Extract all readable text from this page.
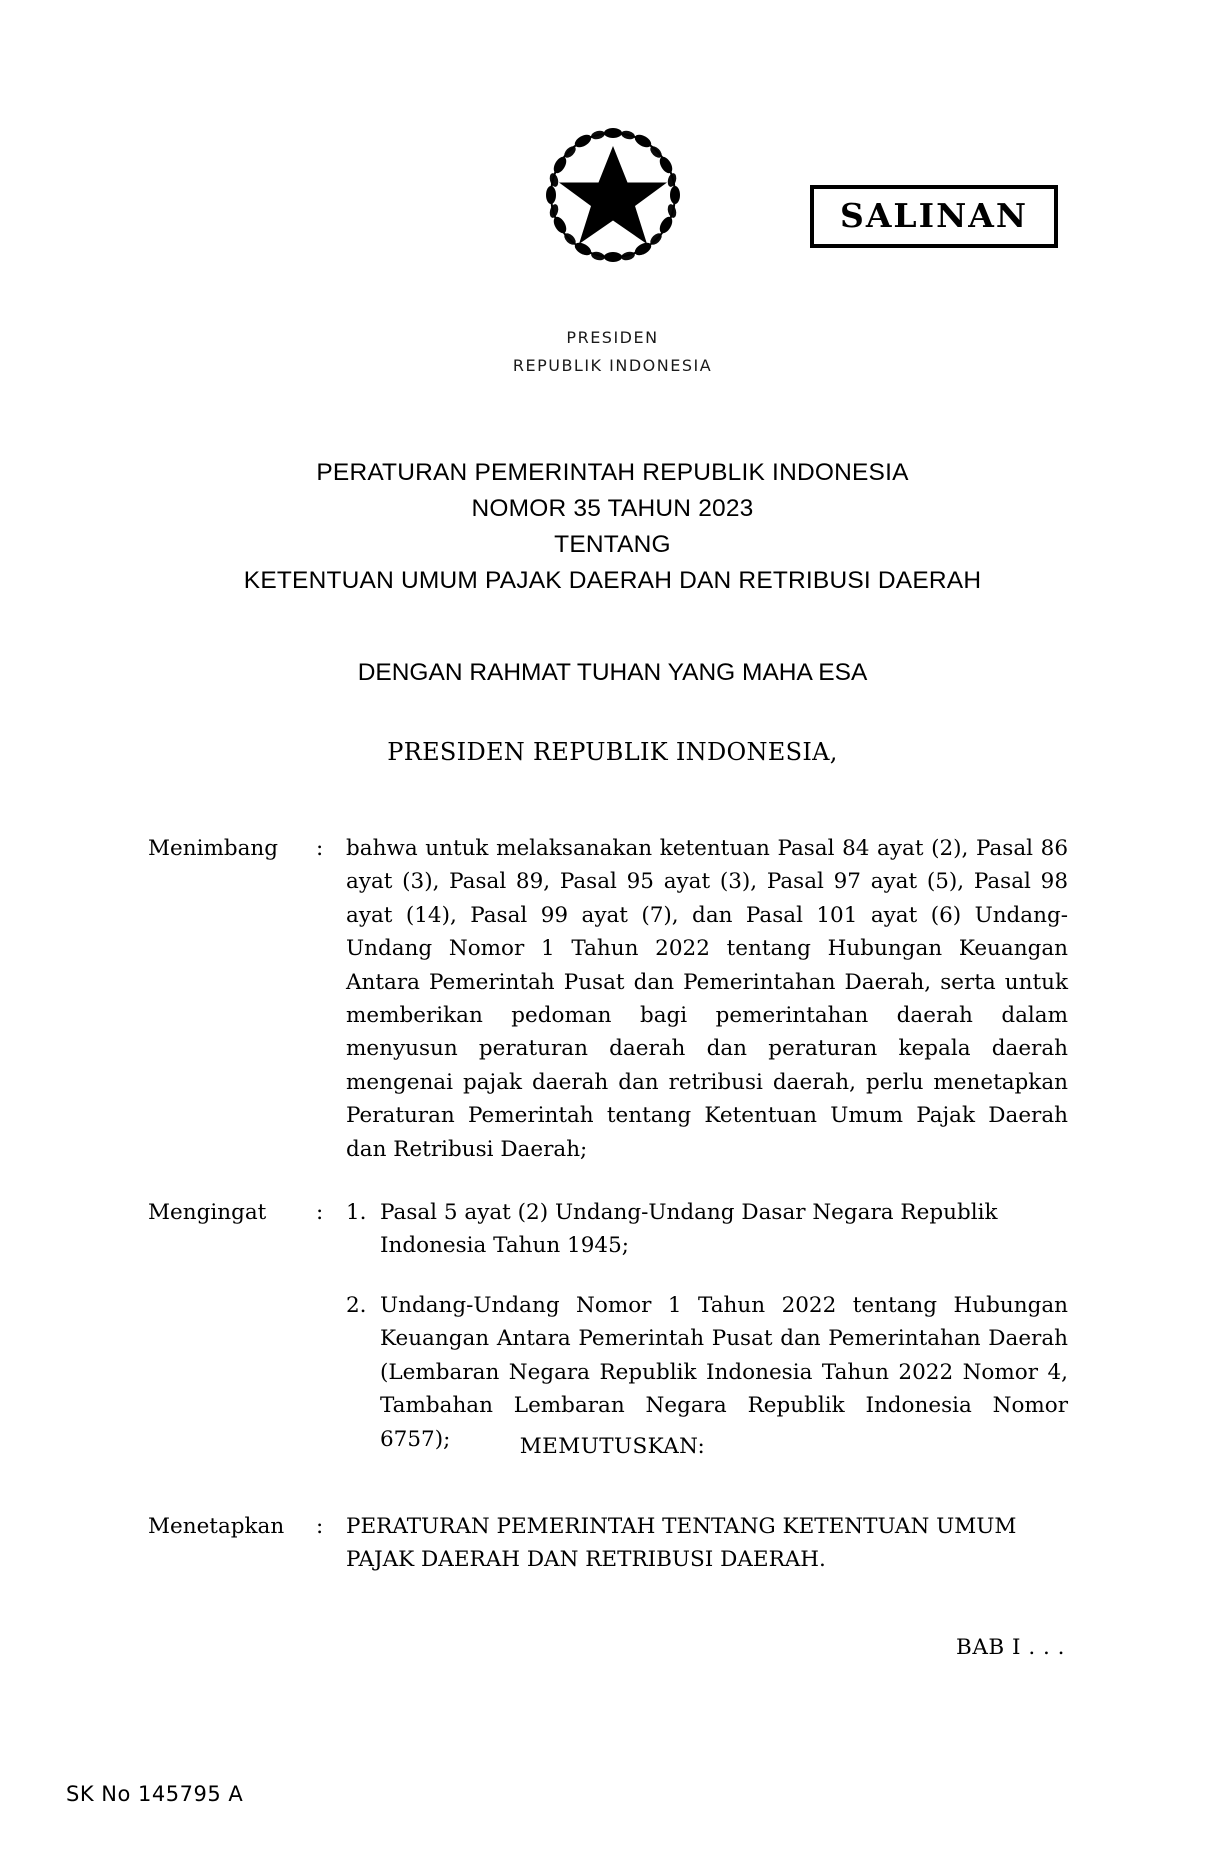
SALINAN
PRESIDEN
REPUBLIK INDONESIA
PERATURAN PEMERINTAH REPUBLIK INDONESIA
NOMOR 35 TAHUN 2023
TENTANG
KETENTUAN UMUM PAJAK DAERAH DAN RETRIBUSI DAERAH
DENGAN RAHMAT TUHAN YANG MAHA ESA
PRESIDEN REPUBLIK INDONESIA,
Menimbang	:	bahwa untuk melaksanakan ketentuan Pasal 84 ayat (2), Pasal 86 ayat (3), Pasal 89, Pasal 95 ayat (3), Pasal 97 ayat (5), Pasal 98 ayat (14), Pasal 99 ayat (7), dan Pasal 101 ayat (6) Undang-Undang Nomor 1 Tahun 2022 tentang Hubungan Keuangan Antara Pemerintah Pusat dan Pemerintahan Daerah, serta untuk memberikan pedoman bagi pemerintahan daerah dalam menyusun peraturan daerah dan peraturan kepala daerah mengenai pajak daerah dan retribusi daerah, perlu menetapkan Peraturan Pemerintah tentang Ketentuan Umum Pajak Daerah dan Retribusi Daerah;
Mengingat	:	1. Pasal 5 ayat (2) Undang-Undang Dasar Negara Republik Indonesia Tahun 1945;
2. Undang-Undang Nomor 1 Tahun 2022 tentang Hubungan Keuangan Antara Pemerintah Pusat dan Pemerintahan Daerah (Lembaran Negara Republik Indonesia Tahun 2022 Nomor 4, Tambahan Lembaran Negara Republik Indonesia Nomor 6757);	MEMUTUSKAN:
Menetapkan	:	PERATURAN PEMERINTAH TENTANG KETENTUAN UMUM PAJAK DAERAH DAN RETRIBUSI DAERAH.
BAB I . . .
SK No 145795 A
